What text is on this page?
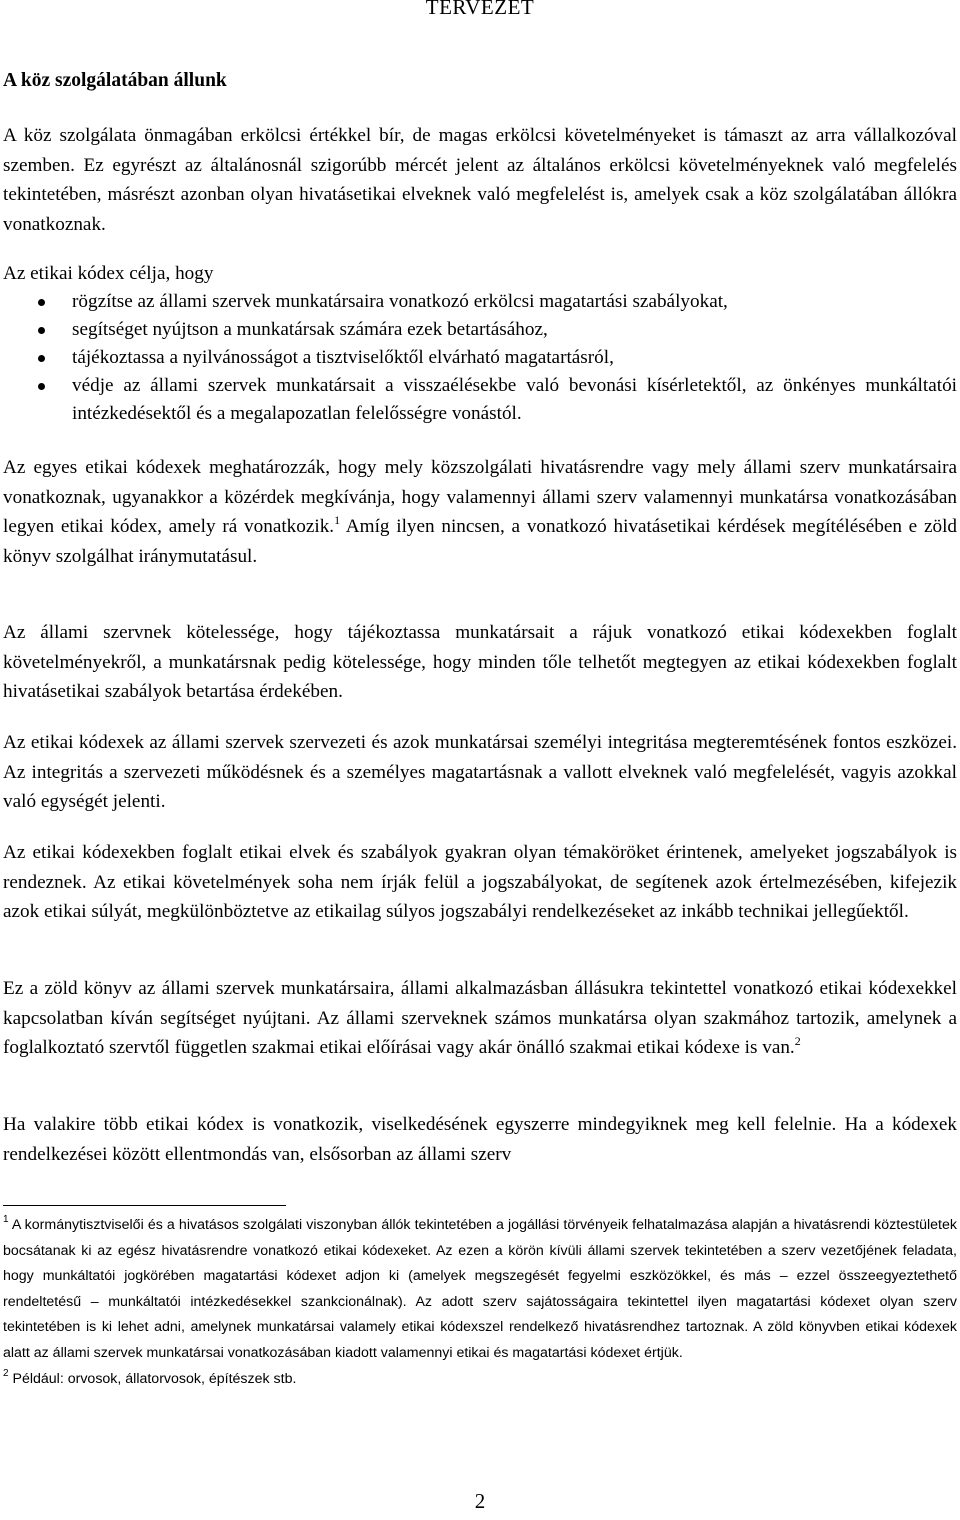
TERVEZET
A köz szolgálatában állunk
A köz szolgálata önmagában erkölcsi értékkel bír, de magas erkölcsi követelményeket is támaszt az arra vállalkozóval szemben. Ez egyrészt az általánosnál szigorúbb mércét jelent az általános erkölcsi követelményeknek való megfelelés tekintetében, másrészt azonban olyan hivatásetikai elveknek való megfelelést is, amelyek csak a köz szolgálatában állókra vonatkoznak.
Az etikai kódex célja, hogy
rögzítse az állami szervek munkatársaira vonatkozó erkölcsi magatartási szabályokat,
segítséget nyújtson a munkatársak számára ezek betartásához,
tájékoztassa a nyilvánosságot a tisztviselőktől elvárható magatartásról,
védje az állami szervek munkatársait a visszaélésekbe való bevonási kísérletektől, az önkényes munkáltatói intézkedésektől és a megalapozatlan felelősségre vonástól.
Az egyes etikai kódexek meghatározzák, hogy mely közszolgálati hivatásrendre vagy mely állami szerv munkatársaira vonatkoznak, ugyanakkor a közérdek megkívánja, hogy valamennyi állami szerv valamennyi munkatársa vonatkozásában legyen etikai kódex, amely rá vonatkozik.$^1$ Amíg ilyen nincsen, a vonatkozó hivatásetikai kérdések megítélésében e zöld könyv szolgálhat iránymutatásul.
Az állami szervnek kötelessége, hogy tájékoztassa munkatársait a rájuk vonatkozó etikai kódexekben foglalt követelményekről, a munkatársnak pedig kötelessége, hogy minden tőle telhetőt megtegyen az etikai kódexekben foglalt hivatásetikai szabályok betartása érdekében.
Az etikai kódexek az állami szervek szervezeti és azok munkatársai személyi integritása megteremtésének fontos eszközei. Az integritás a szervezeti működésnek és a személyes magatartásnak a vallott elveknek való megfelelését, vagyis azokkal való egységét jelenti.
Az etikai kódexekben foglalt etikai elvek és szabályok gyakran olyan témaköröket érintenek, amelyeket jogszabályok is rendeznek. Az etikai követelmények soha nem írják felül a jogszabályokat, de segítenek azok értelmezésében, kifejezik azok etikai súlyát, megkülönböztetve az etikailag súlyos jogszabályi rendelkezéseket az inkább technikai jellegűektől.
Ez a zöld könyv az állami szervek munkatársaira, állami alkalmazásban állásukra tekintettel vonatkozó etikai kódexekkel kapcsolatban kíván segítséget nyújtani. Az állami szerveknek számos munkatársa olyan szakmához tartozik, amelynek a foglalkoztató szervtől független szakmai etikai előírásai vagy akár önálló szakmai etikai kódexe is van.$^2$
Ha valakire több etikai kódex is vonatkozik, viselkedésének egyszerre mindegyiknek meg kell felelnie. Ha a kódexek rendelkezései között ellentmondás van, elsősorban az állami szerv

$^1$ A kormánytisztviselői és a hivatásos szolgálati viszonyban állók tekintetében a jogállási törvényeik felhatalmazása alapján a hivatásrendi köztestületek bocsátanak ki az egész hivatásrendre vonatkozó etikai kódexeket. Az ezen a körön kívüli állami szervek tekintetében a szerv vezetőjének feladata, hogy munkáltatói jogkörében magatartási kódexet adjon ki (amelyek megszegését fegyelmi eszközökkel, és más – ezzel összeegyeztethető rendeltetésű – munkáltatói intézkedésekkel szankcionálnak). Az adott szerv sajátosságaira tekintettel ilyen magatartási kódexet olyan szerv tekintetében is ki lehet adni, amelynek munkatársai valamely etikai kódexszel rendelkező hivatásrendhez tartoznak. A zöld könyvben etikai kódexek alatt az állami szervek munkatársai vonatkozásában kiadott valamennyi etikai és magatartási kódexet értjük.

$^2$ Például: orvosok, állatorvosok, építészek stb.

2
